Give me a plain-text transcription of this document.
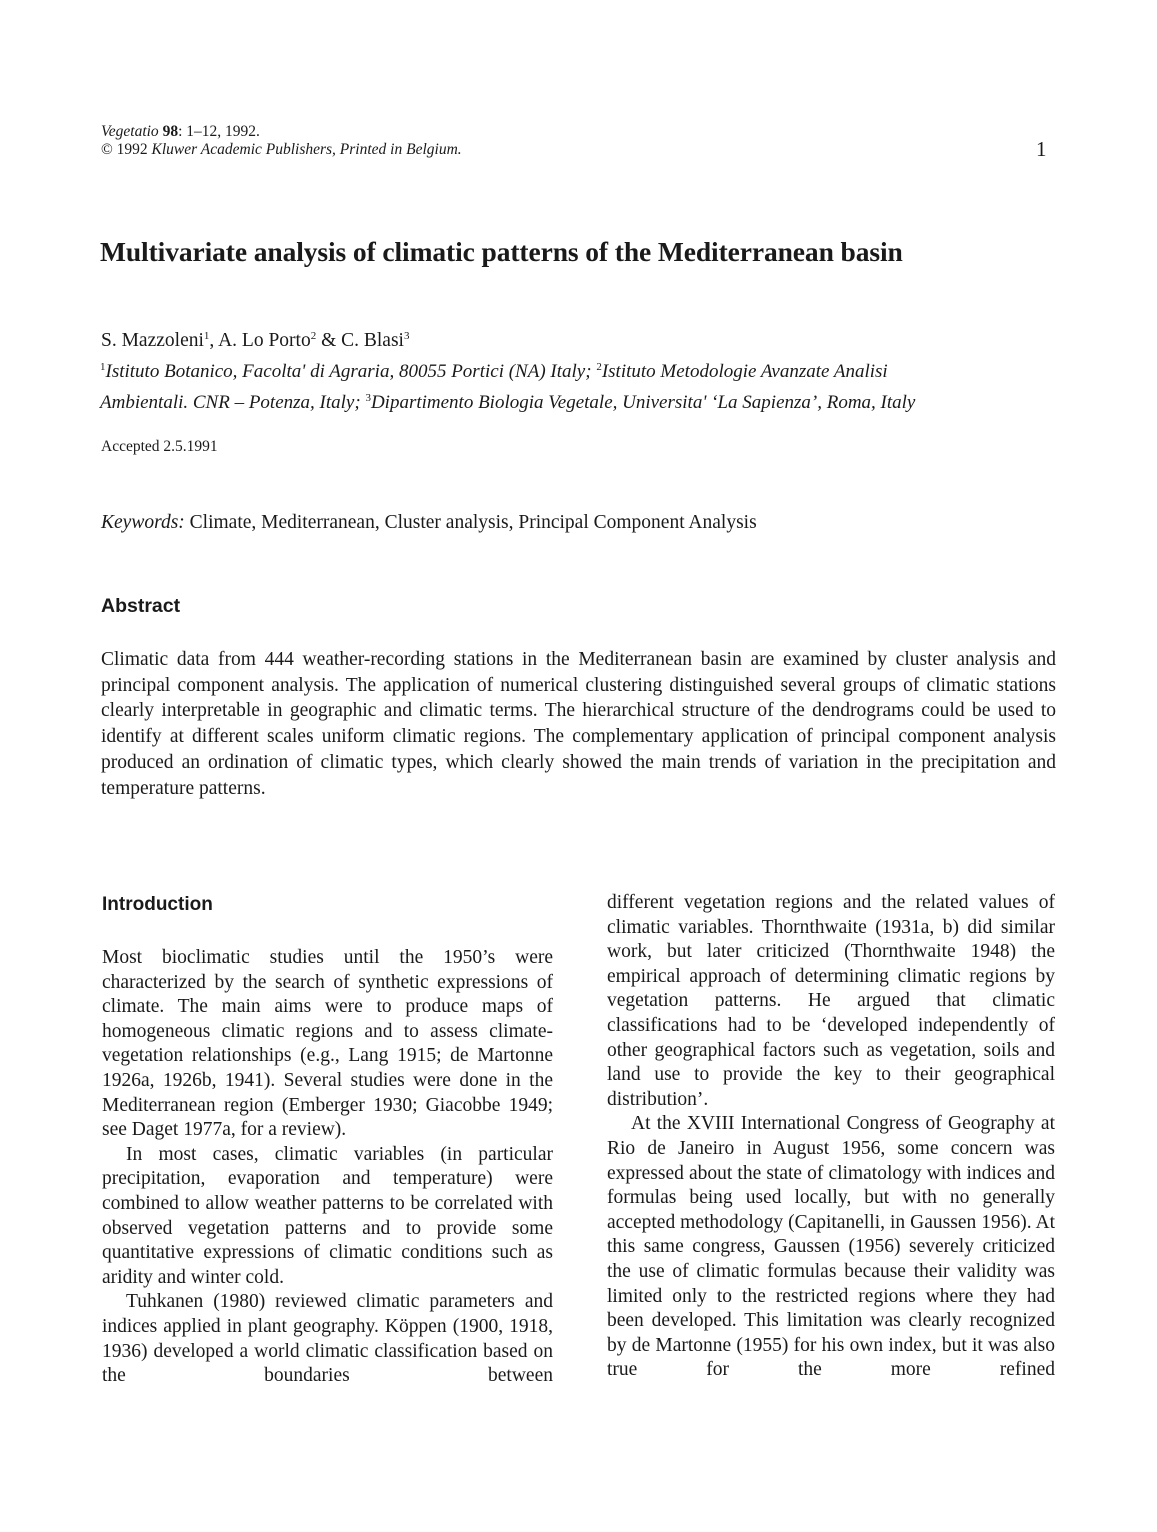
Vegetatio 98: 1–12, 1992.
© 1992 Kluwer Academic Publishers, Printed in Belgium.	1
Multivariate analysis of climatic patterns of the Mediterranean basin
S. Mazzoleni$^1$, A. Lo Porto$^2$ & C. Blasi$^3$
$^1$Istituto Botanico, Facolta' di Agraria, 80055 Portici (NA) Italy; $^2$Istituto Metodologie Avanzate Analisi
Ambientali. CNR – Potenza, Italy; $^3$Dipartimento Biologia Vegetale, Universita' ‘La Sapienza’, Roma, Italy
Accepted 2.5.1991
Keywords: Climate, Mediterranean, Cluster analysis, Principal Component Analysis
Abstract
Climatic data from 444 weather-recording stations in the Mediterranean basin are examined by cluster analysis and principal component analysis. The application of numerical clustering distinguished several groups of climatic stations clearly interpretable in geographic and climatic terms. The hierarchical structure of the dendrograms could be used to identify at different scales uniform climatic regions. The complementary application of principal component analysis produced an ordination of climatic types, which clearly showed the main trends of variation in the precipitation and temperature patterns.
Introduction

Most bioclimatic studies until the 1950’s were characterized by the search of synthetic expressions of climate. The main aims were to produce maps of homogeneous climatic regions and to assess climate-vegetation relationships (e.g., Lang 1915; de Martonne 1926a, 1926b, 1941). Several studies were done in the Mediterranean region (Emberger 1930; Giacobbe 1949; see Daget 1977a, for a review).

In most cases, climatic variables (in particular precipitation, evaporation and temperature) were combined to allow weather patterns to be correlated with observed vegetation patterns and to provide some quantitative expressions of climatic conditions such as aridity and winter cold.

Tuhkanen (1980) reviewed climatic parameters and indices applied in plant geography. Köppen (1900, 1918, 1936) developed a world climatic classification based on the boundaries between

different vegetation regions and the related values of climatic variables. Thornthwaite (1931a, b) did similar work, but later criticized (Thornthwaite 1948) the empirical approach of determining climatic regions by vegetation patterns. He argued that climatic classifications had to be ‘developed independently of other geographical factors such as vegetation, soils and land use to provide the key to their geographical distribution’.

At the XVIII International Congress of Geography at Rio de Janeiro in August 1956, some concern was expressed about the state of climatology with indices and formulas being used locally, but with no generally accepted methodology (Capitanelli, in Gaussen 1956). At this same congress, Gaussen (1956) severely criticized the use of climatic formulas because their validity was limited only to the restricted regions where they had been developed. This limitation was clearly recognized by de Martonne (1955) for his own index, but it was also true for the more refined
